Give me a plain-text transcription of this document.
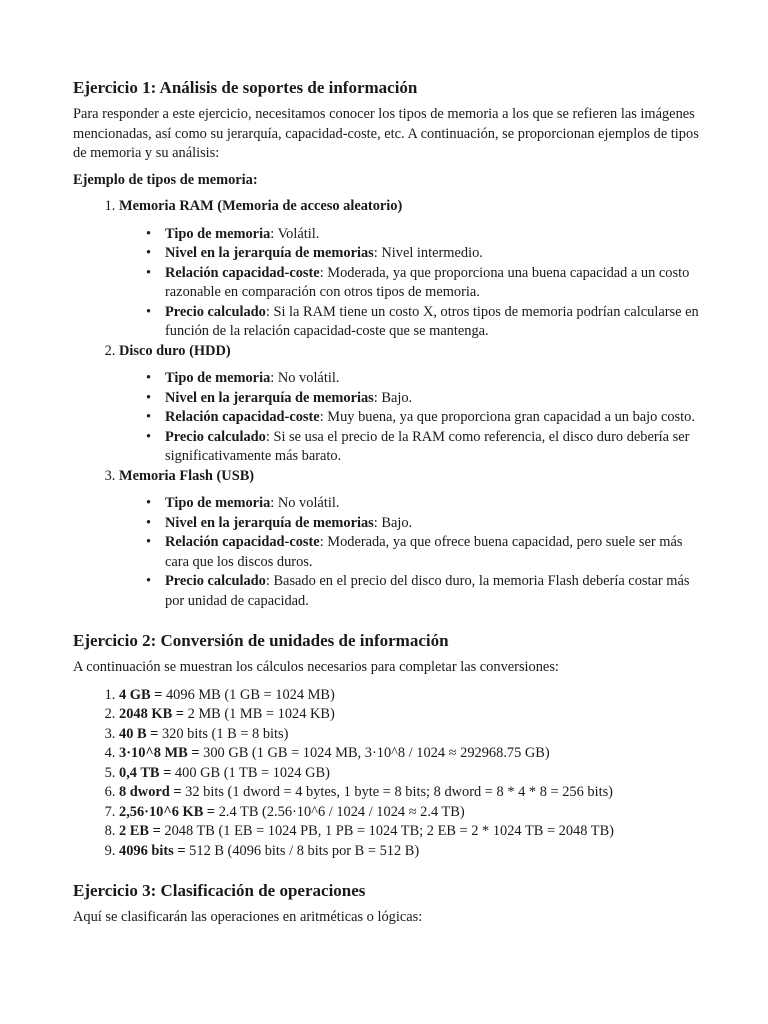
Ejercicio 1: Análisis de soportes de información

Para responder a este ejercicio, necesitamos conocer los tipos de memoria a los que se refieren las imágenes mencionadas, así como su jerarquía, capacidad-coste, etc. A continuación, se proporcionan ejemplos de tipos de memoria y su análisis:

Ejemplo de tipos de memoria:

1. Memoria RAM (Memoria de acceso aleatorio)
• Tipo de memoria: Volátil.
• Nivel en la jerarquía de memorias: Nivel intermedio.
• Relación capacidad-coste: Moderada, ya que proporciona una buena capacidad a un costo razonable en comparación con otros tipos de memoria.
• Precio calculado: Si la RAM tiene un costo X, otros tipos de memoria podrían calcularse en función de la relación capacidad-coste que se mantenga.
2. Disco duro (HDD)
• Tipo de memoria: No volátil.
• Nivel en la jerarquía de memorias: Bajo.
• Relación capacidad-coste: Muy buena, ya que proporciona gran capacidad a un bajo costo.
• Precio calculado: Si se usa el precio de la RAM como referencia, el disco duro debería ser significativamente más barato.
3. Memoria Flash (USB)
• Tipo de memoria: No volátil.
• Nivel en la jerarquía de memorias: Bajo.
• Relación capacidad-coste: Moderada, ya que ofrece buena capacidad, pero suele ser más cara que los discos duros.
• Precio calculado: Basado en el precio del disco duro, la memoria Flash debería costar más por unidad de capacidad.
Ejercicio 2: Conversión de unidades de información

A continuación se muestran los cálculos necesarios para completar las conversiones:

1. 4 GB = 4096 MB (1 GB = 1024 MB)
2. 2048 KB = 2 MB (1 MB = 1024 KB)
3. 40 B = 320 bits (1 B = 8 bits)
4. 3·10^8 MB = 300 GB (1 GB = 1024 MB, 3·10^8 / 1024 ≈ 292968.75 GB)
5. 0,4 TB = 400 GB (1 TB = 1024 GB)
6. 8 dword = 32 bits (1 dword = 4 bytes, 1 byte = 8 bits; 8 dword = 8 * 4 * 8 = 256 bits)
7. 2,56·10^6 KB = 2.4 TB (2.56·10^6 / 1024 / 1024 ≈ 2.4 TB)
8. 2 EB = 2048 TB (1 EB = 1024 PB, 1 PB = 1024 TB; 2 EB = 2 * 1024 TB = 2048 TB)
9. 4096 bits = 512 B (4096 bits / 8 bits por B = 512 B)
Ejercicio 3: Clasificación de operaciones

Aquí se clasificarán las operaciones en aritméticas o lógicas:
